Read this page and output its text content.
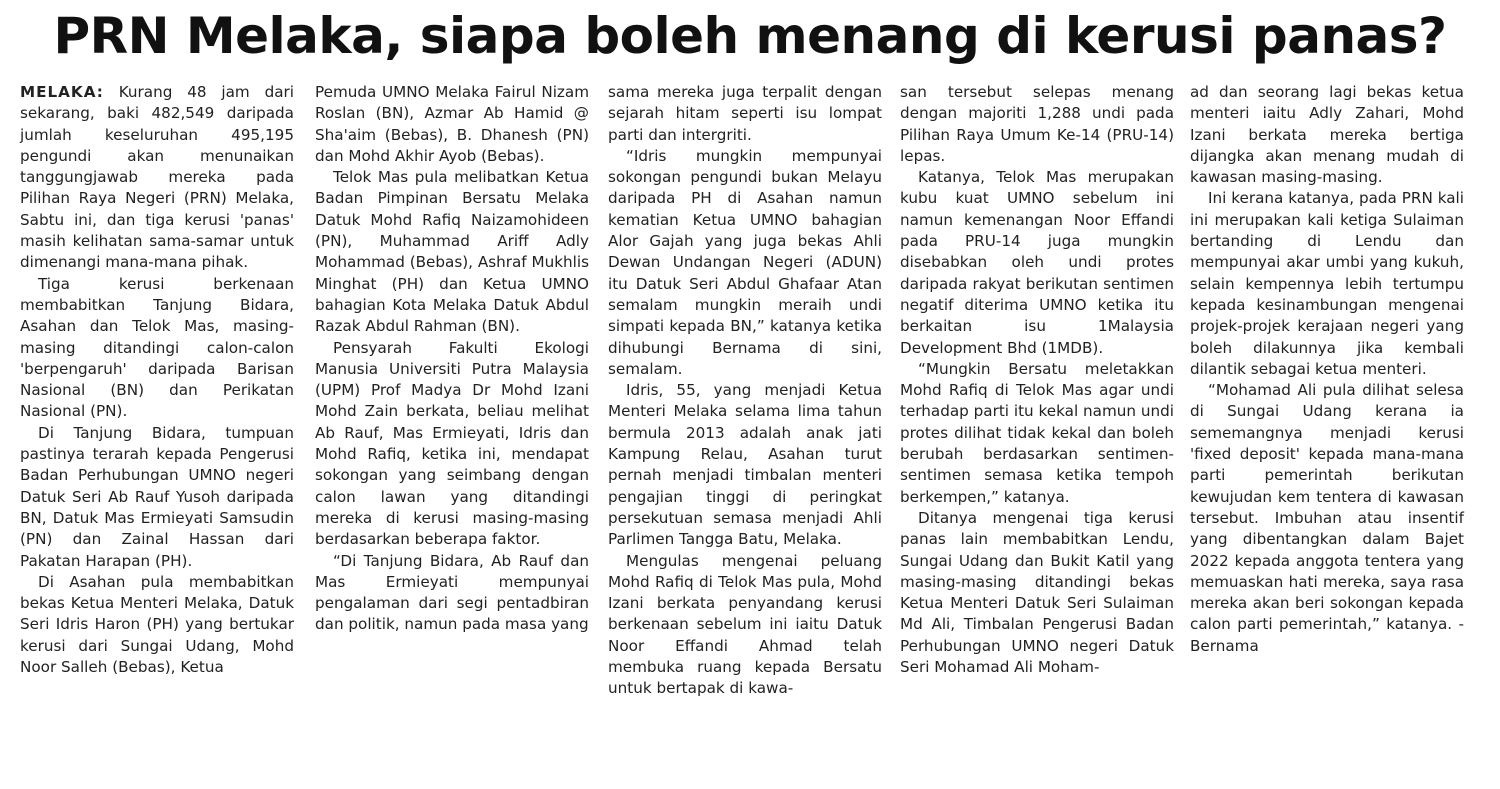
PRN Melaka, siapa boleh menang di kerusi panas?

MELAKA: Kurang 48 jam dari sekarang, baki 482,549 daripada jumlah keseluruhan 495,195 pengundi akan menunaikan tanggungjawab mereka pada Pilihan Raya Negeri (PRN) Melaka, Sabtu ini, dan tiga kerusi 'panas' masih kelihatan sama-samar untuk dimenangi mana-mana pihak.

Tiga kerusi berkenaan membabitkan Tanjung Bidara, Asahan dan Telok Mas, masing-masing ditandingi calon-calon 'berpengaruh' daripada Barisan Nasional (BN) dan Perikatan Nasional (PN).

Di Tanjung Bidara, tumpuan pastinya terarah kepada Pengerusi Badan Perhubungan UMNO negeri Datuk Seri Ab Rauf Yusoh daripada BN, Datuk Mas Ermieyati Samsudin (PN) dan Zainal Hassan dari Pakatan Harapan (PH).

Di Asahan pula membabitkan bekas Ketua Menteri Melaka, Datuk Seri Idris Haron (PH) yang bertukar kerusi dari Sungai Udang, Mohd Noor Salleh (Bebas), Ketua

Pemuda UMNO Melaka Fairul Nizam Roslan (BN), Azmar Ab Hamid @ Sha'aim (Bebas), B. Dhanesh (PN) dan Mohd Akhir Ayob (Bebas).

Telok Mas pula melibatkan Ketua Badan Pimpinan Bersatu Melaka Datuk Mohd Rafiq Naizamohideen (PN), Muhammad Ariff Adly Mohammad (Bebas), Ashraf Mukhlis Minghat (PH) dan Ketua UMNO bahagian Kota Melaka Datuk Abdul Razak Abdul Rahman (BN).

Pensyarah Fakulti Ekologi Manusia Universiti Putra Malaysia (UPM) Prof Madya Dr Mohd Izani Mohd Zain berkata, beliau melihat Ab Rauf, Mas Ermieyati, Idris dan Mohd Rafiq, ketika ini, mendapat sokongan yang seimbang dengan calon lawan yang ditandingi mereka di kerusi masing-masing berdasarkan beberapa faktor.

“Di Tanjung Bidara, Ab Rauf dan Mas Ermieyati mempunyai pengalaman dari segi pentadbiran dan politik, namun pada masa yang

sama mereka juga terpalit dengan sejarah hitam seperti isu lompat parti dan intergriti.

“Idris mungkin mempunyai sokongan pengundi bukan Melayu daripada PH di Asahan namun kematian Ketua UMNO bahagian Alor Gajah yang juga bekas Ahli Dewan Undangan Negeri (ADUN) itu Datuk Seri Abdul Ghafaar Atan semalam mungkin meraih undi simpati kepada BN,” katanya ketika dihubungi Bernama di sini, semalam.

Idris, 55, yang menjadi Ketua Menteri Melaka selama lima tahun bermula 2013 adalah anak jati Kampung Relau, Asahan turut pernah menjadi timbalan menteri pengajian tinggi di peringkat persekutuan semasa menjadi Ahli Parlimen Tangga Batu, Melaka.

Mengulas mengenai peluang Mohd Rafiq di Telok Mas pula, Mohd Izani berkata penyandang kerusi berkenaan sebelum ini iaitu Datuk Noor Effandi Ahmad telah membuka ruang kepada Bersatu untuk bertapak di kawa-

san tersebut selepas menang dengan majoriti 1,288 undi pada Pilihan Raya Umum Ke-14 (PRU-14) lepas.

Katanya, Telok Mas merupakan kubu kuat UMNO sebelum ini namun kemenangan Noor Effandi pada PRU-14 juga mungkin disebabkan oleh undi protes daripada rakyat berikutan sentimen negatif diterima UMNO ketika itu berkaitan isu 1Malaysia Development Bhd (1MDB).

“Mungkin Bersatu meletakkan Mohd Rafiq di Telok Mas agar undi terhadap parti itu kekal namun undi protes dilihat tidak kekal dan boleh berubah berdasarkan sentimen-sentimen semasa ketika tempoh berkempen,” katanya.

Ditanya mengenai tiga kerusi panas lain membabitkan Lendu, Sungai Udang dan Bukit Katil yang masing-masing ditandingi bekas Ketua Menteri Datuk Seri Sulaiman Md Ali, Timbalan Pengerusi Badan Perhubungan UMNO negeri Datuk Seri Mohamad Ali Moham-

ad dan seorang lagi bekas ketua menteri iaitu Adly Zahari, Mohd Izani berkata mereka bertiga dijangka akan menang mudah di kawasan masing-masing.

Ini kerana katanya, pada PRN kali ini merupakan kali ketiga Sulaiman bertanding di Lendu dan mempunyai akar umbi yang kukuh, selain kempennya lebih tertumpu kepada kesinambungan mengenai projek-projek kerajaan negeri yang boleh dilakunnya jika kembali dilantik sebagai ketua menteri.

“Mohamad Ali pula dilihat selesa di Sungai Udang kerana ia sememangnya menjadi kerusi 'fixed deposit' kepada mana-mana parti pemerintah berikutan kewujudan kem tentera di kawasan tersebut. Imbuhan atau insentif yang dibentangkan dalam Bajet 2022 kepada anggota tentera yang memuaskan hati mereka, saya rasa mereka akan beri sokongan kepada calon parti pemerintah,” katanya. - Bernama
